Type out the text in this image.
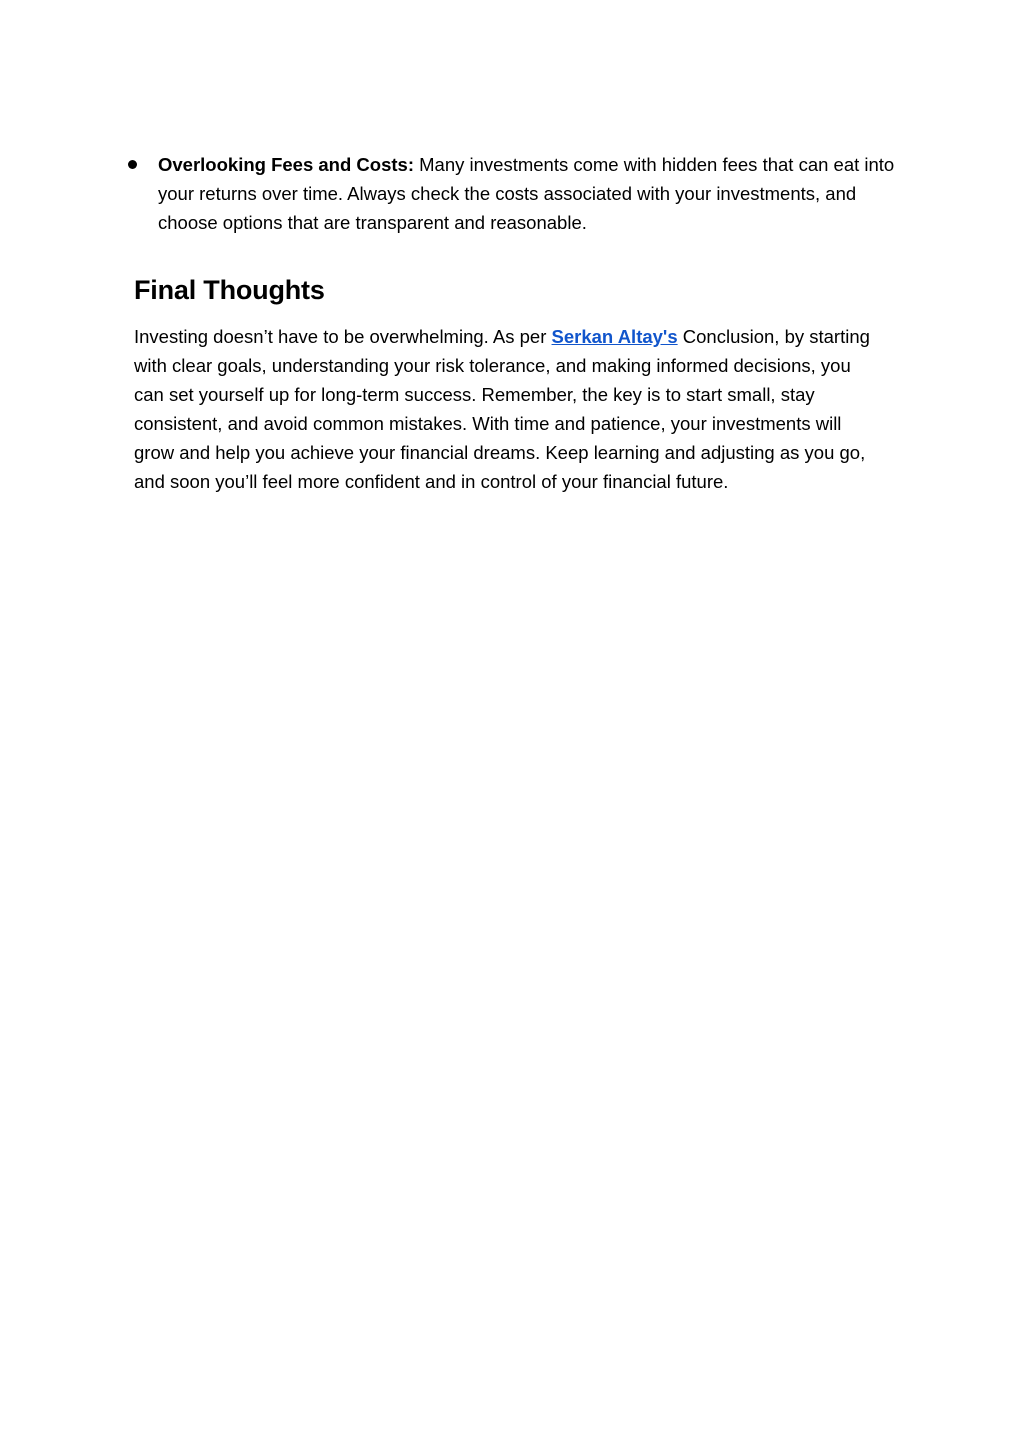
Overlooking Fees and Costs: Many investments come with hidden fees that can eat into your returns over time. Always check the costs associated with your investments, and choose options that are transparent and reasonable.
Final Thoughts

Investing doesn’t have to be overwhelming. As per Serkan Altay's Conclusion, by starting with clear goals, understanding your risk tolerance, and making informed decisions, you can set yourself up for long-term success. Remember, the key is to start small, stay consistent, and avoid common mistakes. With time and patience, your investments will grow and help you achieve your financial dreams. Keep learning and adjusting as you go, and soon you’ll feel more confident and in control of your financial future.
